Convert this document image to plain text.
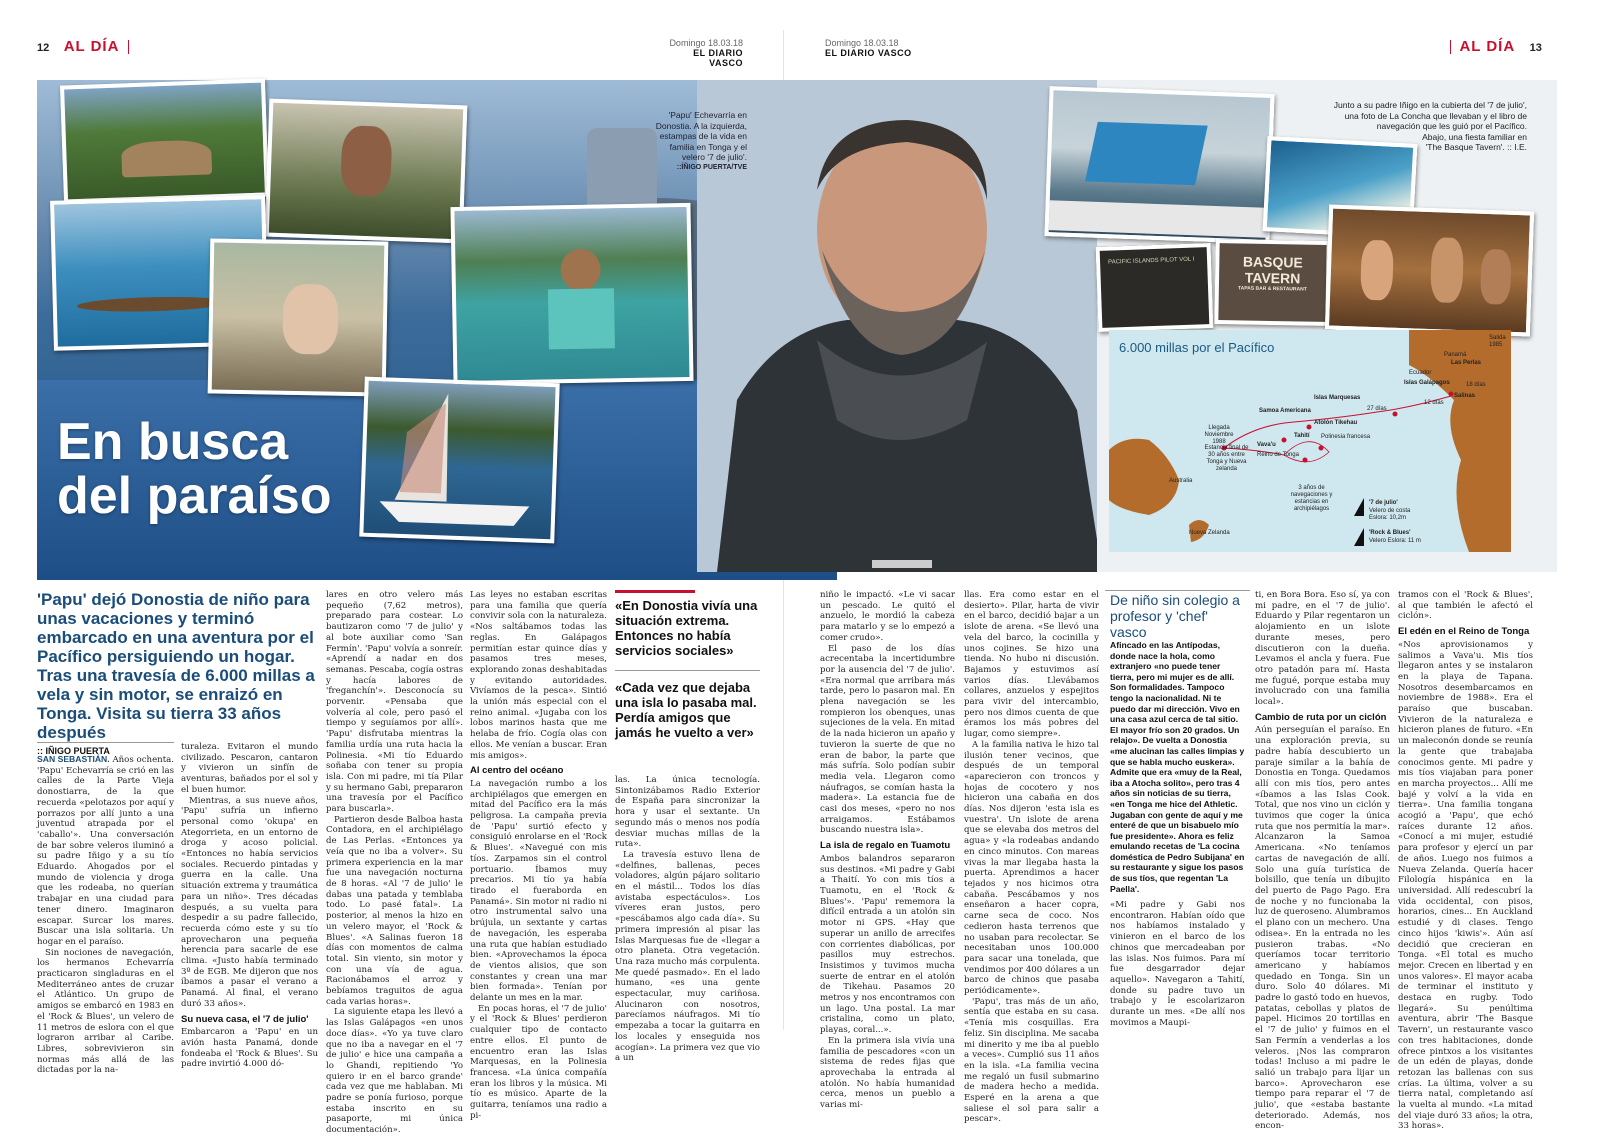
12 AL DÍA	Domingo 18.03.18
EL DIARIO VASCO
Domingo 18.03.18
EL DIARIO VASCO	AL DÍA 13
En busca
del paraíso
'Papu' Echevarría en
Donostia. A la izquierda,
estampas de la vida en
familia en Tonga y el
velero '7 de julio'.
::ÍÑIGO PUERTA/TVE
PACIFIC ISLANDS PILOT VOL I	BASQUE TAVERN
TAPAS BAR & RESTAURANT
Junto a su padre Iñigo en la cubierta del '7 de julio',
una foto de La Concha que llevaban y el libro de
navegación que les guió por el Pacífico.
Abajo, una fiesta familiar en
'The Basque Tavern'. :: I.E.
6.000 millas por el Pacífico
Salida 1985
Panamá
Las Perlas
Ecuador
Islas Galápagos	18 días
12 días
Salinas
Islas Marquesas
27 días
Samoa Americana
Atolón Tikehau
Tahití Polinesia francesa
Llegada Noviembre 1988	Vava'u
Reino de Tonga
Estancia final de 30 años entre Tonga y Nueva zelanda
Australia
Nueva Zelanda
3 años de navegaciones y estancias en archipiélagos
'7 de julio'
Velero de costa Eslora: 10,2m
'Rock & Blues'
Velero Eslora: 11 m
'Papu' dejó Donostia de niño para unas vacaciones y terminó embarcado en una aventura por el Pacífico persiguiendo un hogar. Tras una travesía de 6.000 millas a vela y sin motor, se enraizó en Tonga. Visita su tierra 33 años después
:: IÑIGO PUERTA

SAN SEBASTIÁN. Años ochenta. 'Papu' Echevarría se crió en las calles de la Parte Vieja donostiarra, de la que recuerda «pelotazos por aquí y porrazos por allí junto a una juventud atrapada por el 'caballo'». Una conversación de bar sobre veleros iluminó a su padre Iñigo y a su tío Eduardo. Ahogados por el mundo de violencia y droga que les rodeaba, no querían trabajar en una ciudad para tener dinero. Imaginaron escapar. Surcar los mares. Buscar una isla solitaria. Un hogar en el paraíso.

Sin nociones de navegación, los hermanos Echevarría practicaron singladuras en el Mediterráneo antes de cruzar el Atlántico. Un grupo de amigos se embarcó en 1983 en el 'Rock & Blues', un velero de 11 metros de eslora con el que lograron arribar al Caribe. Libres, sobrevivieron sin normas más allá de las dictadas por la na-

turaleza. Evitaron el mundo civilizado. Pescaron, cantaron y vivieron un sinfín de aventuras, bañados por el sol y el buen humor.

Mientras, a sus nueve años, 'Papu' sufría un infierno personal como 'okupa' en Ategorrieta, en un entorno de droga y acoso policial. «Entonces no había servicios sociales. Recuerdo pintadas y guerra en la calle. Una situación extrema y traumática para un niño». Tres décadas después, a su vuelta para despedir a su padre fallecido, recuerda cómo este y su tío aprovecharon una pequeña herencia para sacarle de ese clima. «Justo había terminado 3º de EGB. Me dijeron que nos íbamos a pasar el verano a Panamá. Al final, el verano duró 33 años».

Su nueva casa, el '7 de julio'

Embarcaron a 'Papu' en un avión hasta Panamá, donde fondeaba el 'Rock & Blues'. Su padre invirtió 4.000 dó-

lares en otro velero más pequeño (7,62 metros), preparado para costear. Lo bautizaron como '7 de julio' y al bote auxiliar como 'San Fermín'. 'Papu' volvía a sonreír. «Aprendí a nadar en dos semanas. Pescaba, cogía ostras y hacía labores de 'freganchín'». Desconocía su porvenir. «Pensaba que volvería al cole, pero pasó el tiempo y seguíamos por allí». 'Papu' disfrutaba mientras la familia urdía una ruta hacia la Polinesia. «Mi tío Eduardo soñaba con tener su propia isla. Con mi padre, mi tía Pilar y su hermano Gabi, prepararon una travesía por el Pacífico para buscarla».

Partieron desde Balboa hasta Contadora, en el archipiélago de Las Perlas. «Entonces ya veía que no iba a volver». Su primera experiencia en la mar fue una navegación nocturna de 8 horas. «Al '7 de julio' le dabas una patada y temblaba todo. Lo pasé fatal». La posterior, al menos la hizo en un velero mayor, el 'Rock & Blues'. «A Salinas fueron 18 días con momentos de calma total. Sin viento, sin motor y con una vía de agua. Racionábamos el arroz y bebíamos traguitos de agua cada varias horas».

La siguiente etapa les llevó a las Islas Galápagos «en unos doce días». «Yo ya tuve claro que no iba a navegar en el '7 de julio' e hice una campaña a lo Ghandi, repitiendo 'Yo quiero ir en el barco grande' cada vez que me hablaban. Mi padre se ponía furioso, porque estaba inscrito en su pasaporte, mi única documentación».

Las leyes no estaban escritas para una familia que quería convivir sola con la naturaleza. «Nos saltábamos todas las reglas. En Galápagos permitían estar quince días y pasamos tres meses, explorando zonas deshabitadas y evitando autoridades. Vivíamos de la pesca». Sintió la unión más especial con el reino animal. «Jugaba con los lobos marinos hasta que me helaba de frío. Cogía olas con ellos. Me venían a buscar. Eran mis amigos».

Al centro del océano

La navegación rumbo a los archipiélagos que emergen en mitad del Pacífico era la más peligrosa. La campaña previa de 'Papu' surtió efecto y consiguió enrolarse en el 'Rock & Blues'. «Navegué con mis tíos. Zarpamos sin el control portuario. Íbamos muy precarios. Mi tío ya había tirado el fueraborda en Panamá». Sin motor ni radio ni otro instrumental salvo una brújula, un sextante y cartas de navegación, les esperaba una ruta que habían estudiado bien. «Aprovechamos la época de vientos alisios, que son constantes y crean una mar bien formada». Tenían por delante un mes en la mar.

En pocas horas, el '7 de julio' y el 'Rock & Blues' perdieron cualquier tipo de contacto entre ellos. El punto de encuentro eran las Islas Marquesas, en la Polinesia francesa. «La única compañía eran los libros y la música. Mi tío es músico. Aparte de la guitarra, teníamos una radio a pi-

«En Donostia vivía una situación extrema. Entonces no había servicios sociales»
«Cada vez que dejaba una isla lo pasaba mal. Perdía amigos que jamás he vuelto a ver»

las. La única tecnología. Sintonizábamos Radio Exterior de España para sincronizar la hora y usar el sextante. Un segundo más o menos nos podía desviar muchas millas de la ruta».

La travesía estuvo llena de «delfines, ballenas, peces voladores, algún pájaro solitario en el mástil... Todos los días avistaba espectáculos». Los víveres eran justos, pero «pescábamos algo cada día». Su primera impresión al pisar las Islas Marquesas fue de «llegar a otro planeta. Otra vegetación. Una raza mucho más corpulenta. Me quedé pasmado». En el lado humano, «es una gente espectacular, muy cariñosa. Alucinaron con nosotros, parecíamos náufragos. Mi tío empezaba a tocar la guitarra en los locales y enseguida nos acogían». La primera vez que vio a un

niño le impactó. «Le vi sacar un pescado. Le quitó el anzuelo, le mordió la cabeza para matarlo y se lo empezó a comer crudo».

El paso de los días acrecentaba la incertidumbre por la ausencia del '7 de julio'. «Era normal que arribara más tarde, pero lo pasaron mal. En plena navegación se les rompieron los obenques, unas sujeciones de la vela. En mitad de la nada hicieron un apaño y tuvieron la suerte de que no eran de babor, la parte que más sufría. Solo podían subir media vela. Llegaron como náufragos, se comían hasta la madera». La estancia fue de casi dos meses, «pero no nos arraigamos. Estábamos buscando nuestra isla».

La isla de regalo en Tuamotu

Ambos balandros separaron sus destinos. «Mi padre y Gabi a Thaití. Yo con mis tíos a Tuamotu, en el 'Rock & Blues'». 'Papu' rememora la difícil entrada a un atolón sin motor ni GPS. «Hay que superar un anillo de arrecifes con corrientes diabólicas, por pasillos muy estrechos. Insistimos y tuvimos mucha suerte de entrar en el atolón de Tikehau. Pasamos 20 metros y nos encontramos con un lago. Una postal. La mar cristalina, como un plato, playas, coral...».

En la primera isla vivía una familia de pescadores «con un sistema de redes fijas que aprovechaba la entrada al atolón. No había humanidad cerca, menos un pueblo a varias mi-

llas. Era como estar en el desierto». Pilar, harta de vivir en el barco, decidió bajar a un islote de arena. «Se llevó una vela del barco, la cocinilla y unos cojines. Se hizo una tienda. No hubo ni discusión. Bajamos y estuvimos así varios días. Llevábamos collares, anzuelos y espejitos para vivir del intercambio, pero nos dimos cuenta de que éramos los más pobres del lugar, como siempre».

A la familia nativa le hizo tal ilusión tener vecinos, que después de un temporal «aparecieron con troncos y hojas de cocotero y nos hicieron una cabaña en dos días. Nos dijeron 'esta isla es vuestra'. Un islote de arena que se elevaba dos metros del agua» y «la rodeabas andando en cinco minutos. Con mareas vivas la mar llegaba hasta la puerta. Aprendimos a hacer tejados y nos hicimos otra cabaña. Pescábamos y nos enseñaron a hacer copra, carne seca de coco. Nos cedieron hasta terrenos que no usaban para recolectar. Se necesitaban unos 100.000 para sacar una tonelada, que vendimos por 400 dólares a un barco de chinos que pasaba periódicamente».

'Papu', tras más de un año, sentía que estaba en su casa. «Tenía mis cosquillas. Era feliz. Sin disciplina. Me sacaba mi dinerito y me iba al pueblo a veces». Cumplió sus 11 años en la isla. «La familia vecina me regaló un fusil submarino de madera hecho a medida. Esperé en la arena a que saliese el sol para salir a pescar».

De niño sin colegio a profesor y 'chef' vasco
Afincado en las Antípodas, donde nace la hola, como extranjero «no puede tener tierra, pero mi mujer es de allí. Son formalidades. Tampoco tengo la nacionalidad. Ni te puedo dar mi dirección. Vivo en una casa azul cerca de tal sitio. El mayor frío son 20 grados. Un relajo». De vuelta a Donostia «me alucinan las calles limpias y que se habla mucho euskera». Admite que era «muy de la Real, iba a Atocha solito», pero tras 4 años sin noticias de su tierra, «en Tonga me hice del Athletic. Jugaban con gente de aquí y me enteré de que un bisabuelo mío fue presidente». Ahora es feliz emulando recetas de 'La cocina doméstica de Pedro Subijana' en su restaurante y sigue los pasos de sus tíos, que regentan 'La Paella'.
«Mi padre y Gabi nos encontraron. Habían oído que nos habíamos instalado y vinieron en el barco de los chinos que mercadeaban por las islas. Nos fuimos. Para mí fue desgarrador dejar aquello». Navegaron a Tahití, donde su padre tuvo un trabajo y le escolarizaron durante un mes. «De allí nos movimos a Maupi-

ti, en Bora Bora. Eso sí, ya con mi padre, en el '7 de julio'. Eduardo y Pilar regentaron un alojamiento en un islote durante meses, pero discutieron con la dueña. Levamos el ancla y fuera. Fue otro patadón para mí. Hasta me fugué, porque estaba muy involucrado con una familia local».

Cambio de ruta por un ciclón

Aún perseguían el paraíso. En una exploración previa, su padre había descubierto un paraje similar a la bahía de Donostia en Tonga. Quedamos allí con mis tíos, pero antes «íbamos a las Islas Cook. Total, que nos vino un ciclón y tuvimos que coger la única ruta que nos permitía la mar». Alcanzaron la Samoa Americana. «No teníamos cartas de navegación de allí. Solo una guía turística de bolsillo, que tenía un dibujito del puerto de Pago Pago. Era de noche y no funcionaba la luz de queroseno. Alumbramos el plano con un mechero. Una odisea». En la entrada no les pusieron trabas. «No queríamos tocar territorio americano y habíamos quedado en Tonga. Sin un duro. Solo 40 dólares. Mi padre lo gastó todo en huevos, patatas, cebollas y platos de papel. Hicimos 20 tortillas en el '7 de julio' y fuimos en el San Fermín a venderlas a los veleros. ¡Nos las compraron todas! Incluso a mi padre le salió un trabajo para lijar un barco». Aprovecharon ese tiempo para reparar el '7 de julio', que «estaba bastante deteriorado. Además, nos encon-

tramos con el 'Rock & Blues', al que también le afectó el ciclón».

El edén en el Reino de Tonga

«Nos aprovisionamos y salimos a Vava'u. Mis tíos llegaron antes y se instalaron en la playa de Tapana. Nosotros desembarcamos en noviembre de 1988». Era el paraíso que buscaban. Vivieron de la naturaleza e hicieron planes de futuro. «En un maleconón donde se reunía la gente que trabajaba conocimos gente. Mi padre y mis tíos viajaban para poner en marcha proyectos... Allí me bajé y volví a la vida en tierra». Una familia tongana acogió a 'Papu', que echó raíces durante 12 años. «Conocí a mi mujer, estudié para profesor y ejercí un par de años. Luego nos fuimos a Nueva Zelanda. Quería hacer Filología hispánica en la universidad. Allí redescubrí la vida occidental, con pisos, horarios, cines... En Auckland estudié y di clases. Tengo cinco hijos 'kiwis'». Aún así decidió que crecieran en Tonga. «El total es mucho mejor. Crecen en libertad y en unos valores». El mayor acaba de terminar el instituto y destaca en rugby. Todo llegará». Su penúltima aventura, abrir 'The Basque Tavern', un restaurante vasco con tres habitaciones, donde ofrece pintxos a los visitantes de un edén de playas, donde retozan las ballenas con sus crías. La última, volver a su tierra natal, completando así la vuelta al mundo. «La mitad del viaje duró 33 años; la otra, 33 horas».
